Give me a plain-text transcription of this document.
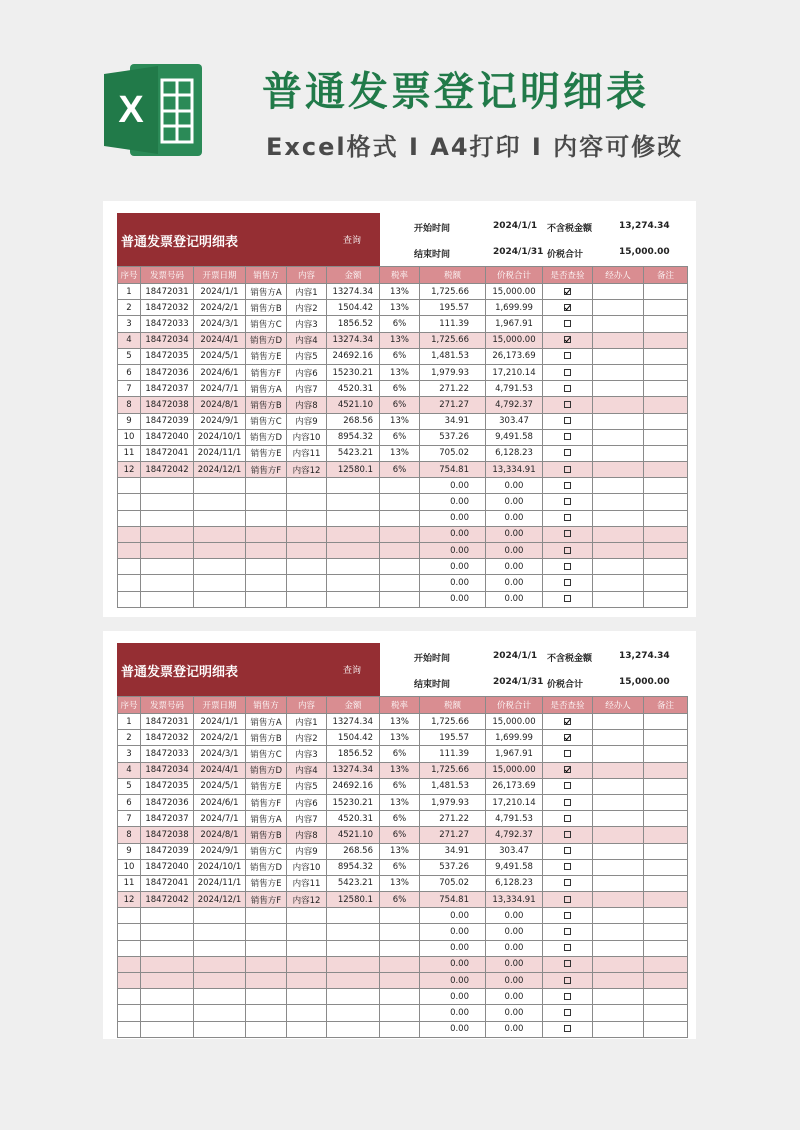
X	普通发票登记明细表
Excel格式 I A4打印 I 内容可修改
普通发票登记明细表	查询
开始时间	2024/1/1 不含税金额	13,274.34
结束时间	2024/1/31 价税合计	15,000.00
序号	发票号码	开票日期	销售方	内容	金额	税率	税额	价税合计	是否查验	经办人	备注
1	18472031	2024/1/1	销售方A	内容1	13274.34	13%	1,725.66	15,000.00			
2	18472032	2024/2/1	销售方B	内容2	1504.42	13%	195.57	1,699.99			
3	18472033	2024/3/1	销售方C	内容3	1856.52	6%	111.39	1,967.91			
4	18472034	2024/4/1	销售方D	内容4	13274.34	13%	1,725.66	15,000.00			
5	18472035	2024/5/1	销售方E	内容5	24692.16	6%	1,481.53	26,173.69			
6	18472036	2024/6/1	销售方F	内容6	15230.21	13%	1,979.93	17,210.14			
7	18472037	2024/7/1	销售方A	内容7	4520.31	6%	271.22	4,791.53			
8	18472038	2024/8/1	销售方B	内容8	4521.10	6%	271.27	4,792.37			
9	18472039	2024/9/1	销售方C	内容9	268.56	13%	34.91	303.47			
10	18472040	2024/10/1	销售方D	内容10	8954.32	6%	537.26	9,491.58			
11	18472041	2024/11/1	销售方E	内容11	5423.21	13%	705.02	6,128.23			
12	18472042	2024/12/1	销售方F	内容12	12580.1	6%	754.81	13,334.91			
							0.00	0.00			
							0.00	0.00			
							0.00	0.00			
							0.00	0.00			
							0.00	0.00			
							0.00	0.00			
							0.00	0.00			
							0.00	0.00			
普通发票登记明细表	查询
开始时间	2024/1/1 不含税金额	13,274.34
结束时间	2024/1/31 价税合计	15,000.00
序号	发票号码	开票日期	销售方	内容	金额	税率	税额	价税合计	是否查验	经办人	备注
1	18472031	2024/1/1	销售方A	内容1	13274.34	13%	1,725.66	15,000.00			
2	18472032	2024/2/1	销售方B	内容2	1504.42	13%	195.57	1,699.99			
3	18472033	2024/3/1	销售方C	内容3	1856.52	6%	111.39	1,967.91			
4	18472034	2024/4/1	销售方D	内容4	13274.34	13%	1,725.66	15,000.00			
5	18472035	2024/5/1	销售方E	内容5	24692.16	6%	1,481.53	26,173.69			
6	18472036	2024/6/1	销售方F	内容6	15230.21	13%	1,979.93	17,210.14			
7	18472037	2024/7/1	销售方A	内容7	4520.31	6%	271.22	4,791.53			
8	18472038	2024/8/1	销售方B	内容8	4521.10	6%	271.27	4,792.37			
9	18472039	2024/9/1	销售方C	内容9	268.56	13%	34.91	303.47			
10	18472040	2024/10/1	销售方D	内容10	8954.32	6%	537.26	9,491.58			
11	18472041	2024/11/1	销售方E	内容11	5423.21	13%	705.02	6,128.23			
12	18472042	2024/12/1	销售方F	内容12	12580.1	6%	754.81	13,334.91			
							0.00	0.00			
							0.00	0.00			
							0.00	0.00			
							0.00	0.00			
							0.00	0.00			
							0.00	0.00			
							0.00	0.00			
							0.00	0.00			
